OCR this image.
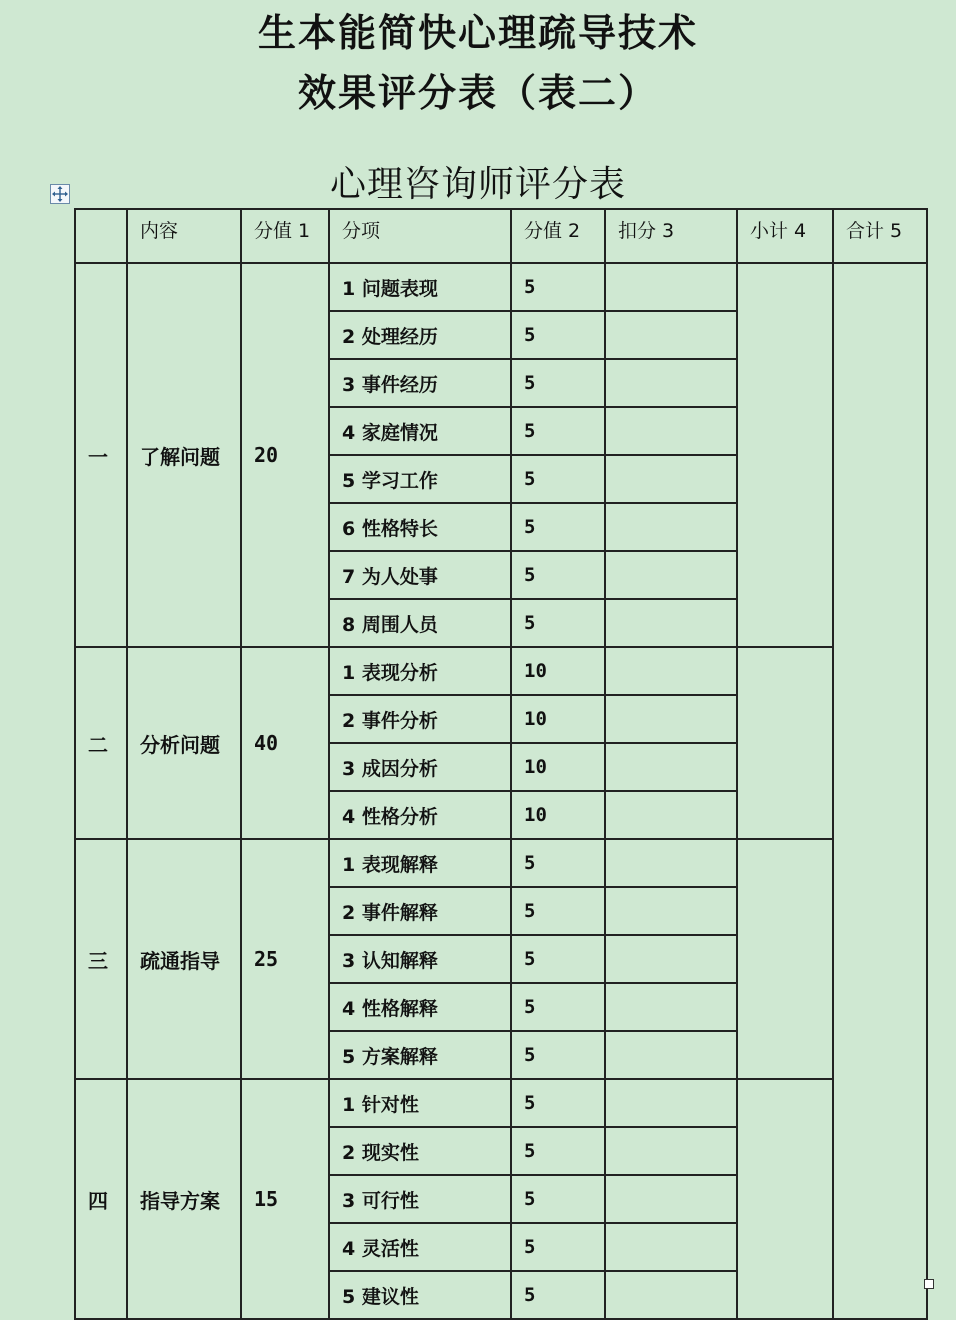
生本能简快心理疏导技术
效果评分表（表二）
心理咨询师评分表
	内容	分值 1	分项	分值 2	扣分 3	小计 4	合计 5
一	了解问题	20	1 问题表现	5			
			2 处理经历	5			
			3 事件经历	5			
			4 家庭情况	5			
			5 学习工作	5			
			6 性格特长	5			
			7 为人处事	5			
			8 周围人员	5			
二	分析问题	40	1 表现分析	10			
			2 事件分析	10			
			3 成因分析	10			
			4 性格分析	10			
三	疏通指导	25	1 表现解释	5			
			2 事件解释	5			
			3 认知解释	5			
			4 性格解释	5			
			5 方案解释	5			
四	指导方案	15	1 针对性	5			
			2 现实性	5			
			3 可行性	5			
			4 灵活性	5			
			5 建议性	5			
